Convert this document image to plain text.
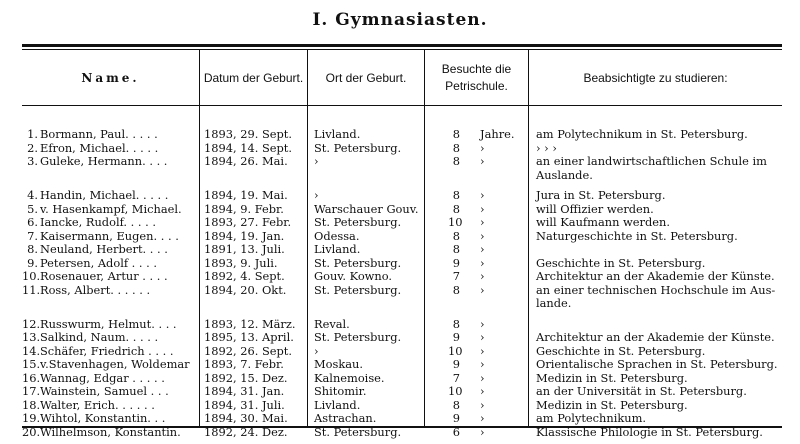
I. Gymnasiasten.
Name.	Datum der Geburt.	Ort der Geburt.
Besuchte die Petrischule.
Beabsichtigte zu studieren:
1. Bormann, Paul. . . . .	1893, 29. Sept. Livland.	8 Jahre. am Polytechnikum in St. Petersburg.
2. Efron, Michael. . . . .	1894, 14. Sept. St. Petersburg.	8 ›	› › ›
3. Guleke, Hermann. . . .	1894, 26. Mai. ›	8 ›	an einer landwirtschaftlichen Schule im
Auslande.
4. Handin, Michael. . . . .	1894, 19. Mai. ›	8 ›	Jura in St. Petersburg.
5. v. Hasenkampf, Michael.	1894, 9. Febr.	Warschauer Gouv.	8 ›	will Offizier werden.
6. Iancke, Rudolf. . . . .	1893, 27. Febr. St. Petersburg.	10 ›	will Kaufmann werden.
7. Kaisermann, Eugen. . . .	1894, 19. Jan.	Odessa.	8 ›	Naturgeschichte in St. Petersburg.
8. Neuland, Herbert. . . .	1891, 13. Juli.	Livland.	8 ›
9. Petersen, Adolf . . . .	1893, 9. Juli.	St. Petersburg.	9 ›	Geschichte in St. Petersburg.
10. Rosenauer, Artur . . . .	1892, 4. Sept.	Gouv. Kowno.	7 ›	Architektur an der Akademie der Künste.
11. Ross, Albert. . . . . .	1894, 20. Okt. St. Petersburg.	8 ›	an einer technischen Hochschule im Aus-
lande.
12. Russwurm, Helmut. . . .	1893, 12. März. Reval.	8 ›
13. Salkind, Naum. . . . .	1895, 13. April. St. Petersburg.	9 ›	Architektur an der Akademie der Künste.
14. Schäfer, Friedrich . . . .	1892, 26. Sept. ›	10 ›	Geschichte in St. Petersburg.
15. v.Stavenhagen, Woldemar	1893, 7. Febr.	Moskau.	9 ›	Orientalische Sprachen in St. Petersburg.
16. Wannag, Edgar . . . . .	1892, 15. Dez. Kalnemoise.	7 ›	Medizin in St. Petersburg.
17. Wainstein, Samuel . . .	1894, 31. Jan.	Shitomir.	10 ›	an der Universität in St. Petersburg.
18. Walter, Erich. . . . . .	1894, 31. Juli.	Livland.	8 ›	Medizin in St. Petersburg.
19. Wihtol, Konstantin. . .	1894, 30. Mai. Astrachan.	9 ›	am Polytechnikum.
20. Wilhelmson, Konstantin.	1892, 24. Dez. St. Petersburg.	6 ›	Klassische Philologie in St. Petersburg.
